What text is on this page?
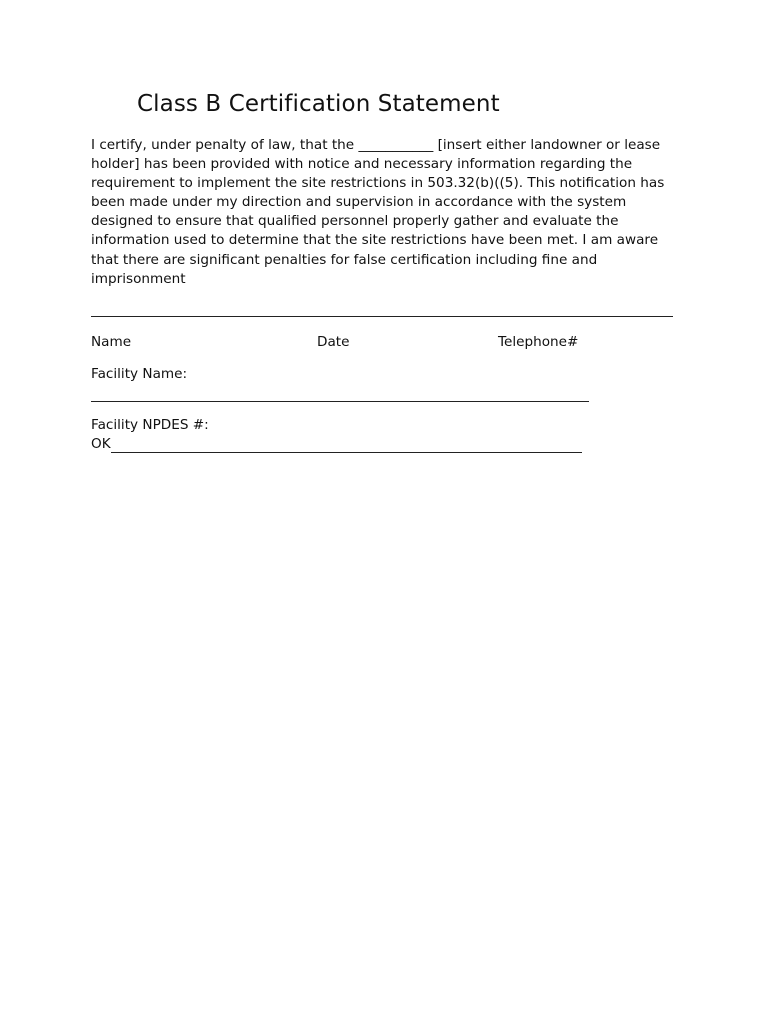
Class B Certification Statement
I certify, under penalty of law, that the ___________ [insert either landowner or lease
holder] has been provided with notice and necessary information regarding the
requirement to implement the site restrictions in 503.32(b)((5). This notification has
been made under my direction and supervision in accordance with the system
designed to ensure that qualified personnel properly gather and evaluate the
information used to determine that the site restrictions have been met. I am aware
that there are significant penalties for false certification including fine and
imprisonment
Name	Date	Telephone#
Facility Name:
Facility NPDES #:
OK
